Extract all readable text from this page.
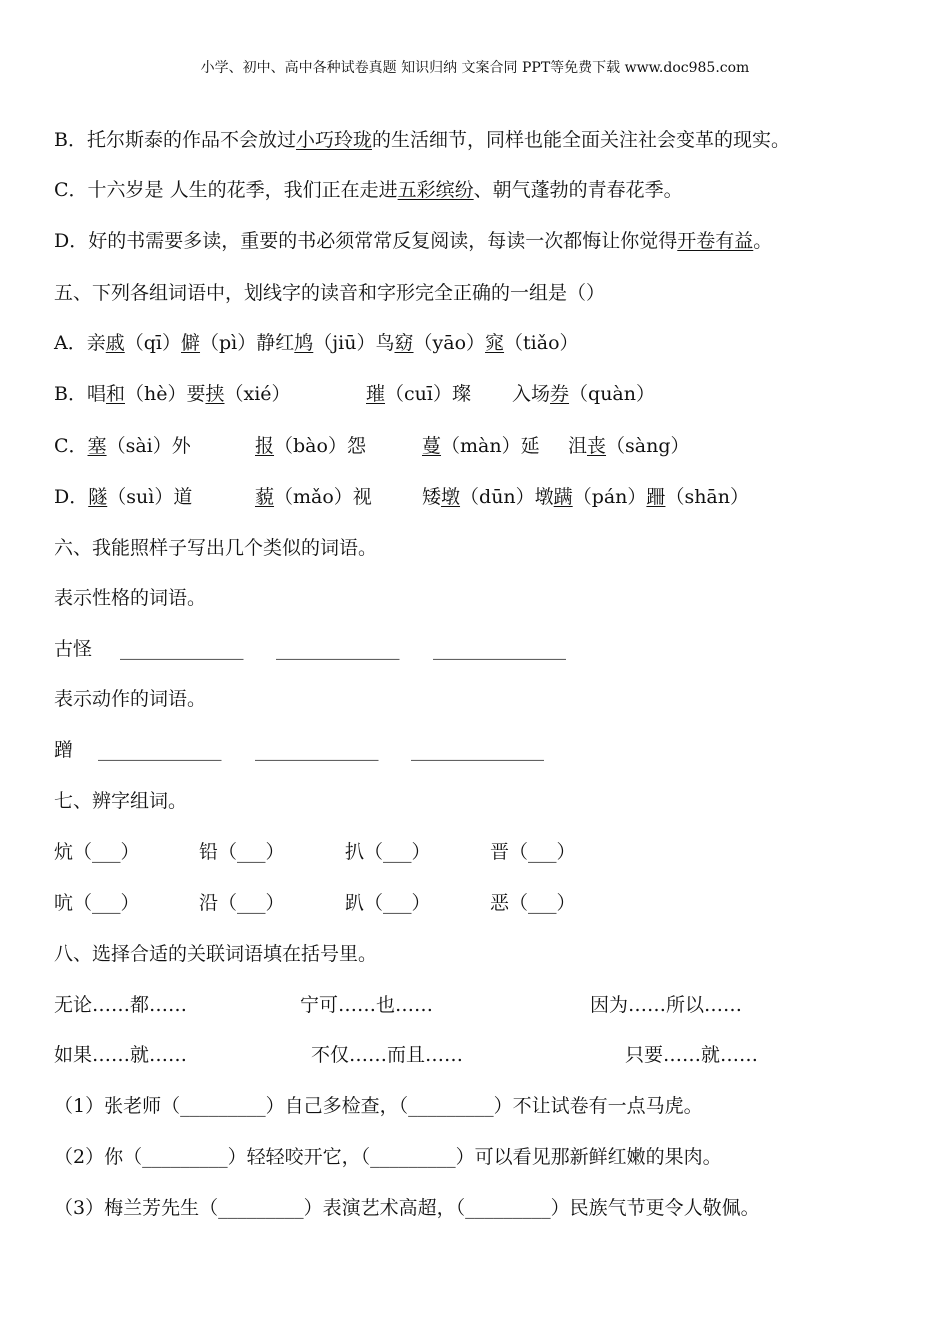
小学、初中、高中各种试卷真题 知识归纳 文案合同 PPT等免费下载 www.doc985.com
B．托尔斯泰的作品不会放过小巧玲珑的生活细节，同样也能全面关注社会变革的现实。
C．十六岁是 人生的花季，我们正在走进五彩缤纷、朝气蓬勃的青春花季。
D．好的书需要多读，重要的书必须常常反复阅读，每读一次都悔让你觉得开卷有益。
五、下列各组词语中，划线字的读音和字形完全正确的一组是（）
A．亲戚（qī）僻（pì）静红鸠（jiū）鸟窈（yāo）窕（tiǎo）
B．唱和（hè）要挟（xié）	璀（cuī）璨 入场券（quàn）
C．塞（sài）外	报（bào）怨	蔓（màn）延 沮丧（sàng）
D．隧（suì）道	藐（mǎo）视	矮墩（dūn）墩蹒（pán）跚（shān）
六、我能照样子写出几个类似的词语。
表示性格的词语。
古怪 _____________ _____________ ______________
表示动作的词语。
蹭 _____________ _____________ ______________
七、辨字组词。
炕（___）	铅（___）	扒（___）	晋（___）
吭（___）	沿（___）	趴（___）	恶（___）
八、选择合适的关联词语填在括号里。
无论……都……	宁可……也……	因为……所以……
如果……就……	不仅……而且……	只要……就……
（1）张老师（_________）自己多检查，（_________）不让试卷有一点马虎。
（2）你（_________）轻轻咬开它，（_________）可以看见那新鲜红嫩的果肉。
（3）梅兰芳先生（_________）表演艺术高超，（_________）民族气节更令人敬佩。
